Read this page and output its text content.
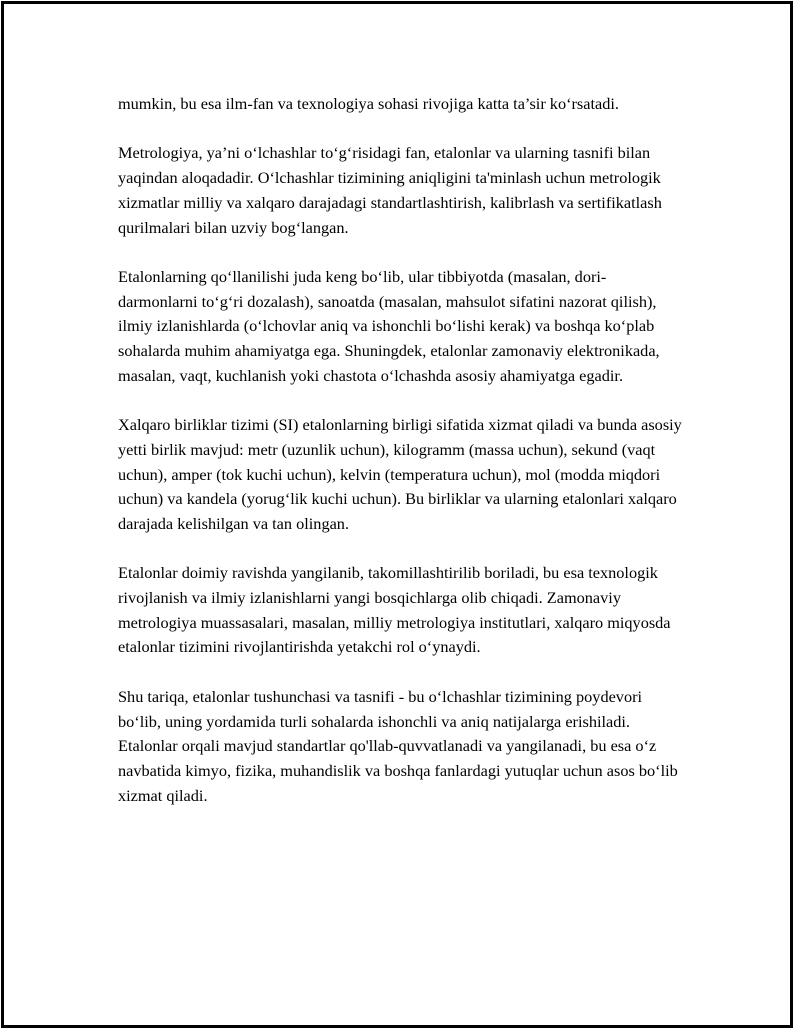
mumkin, bu esa ilm-fan va texnologiya sohasi rivojiga katta ta’sir ko‘rsatadi.

Metrologiya, ya’ni o‘lchashlar to‘g‘risidagi fan, etalonlar va ularning tasnifi bilan yaqindan aloqadadir. O‘lchashlar tizimining aniqligini ta'minlash uchun metrologik xizmatlar milliy va xalqaro darajadagi standartlashtirish, kalibrlash va sertifikatlash qurilmalari bilan uzviy bog‘langan.

Etalonlarning qo‘llanilishi juda keng bo‘lib, ular tibbiyotda (masalan, dori-darmonlarni to‘g‘ri dozalash), sanoatda (masalan, mahsulot sifatini nazorat qilish), ilmiy izlanishlarda (o‘lchovlar aniq va ishonchli bo‘lishi kerak) va boshqa ko‘plab sohalarda muhim ahamiyatga ega. Shuningdek, etalonlar zamonaviy elektronikada, masalan, vaqt, kuchlanish yoki chastota o‘lchashda asosiy ahamiyatga egadir.

Xalqaro birliklar tizimi (SI) etalonlarning birligi sifatida xizmat qiladi va bunda asosiy yetti birlik mavjud: metr (uzunlik uchun), kilogramm (massa uchun), sekund (vaqt uchun), amper (tok kuchi uchun), kelvin (temperatura uchun), mol (modda miqdori uchun) va kandela (yorug‘lik kuchi uchun). Bu birliklar va ularning etalonlari xalqaro darajada kelishilgan va tan olingan.

Etalonlar doimiy ravishda yangilanib, takomillashtirilib boriladi, bu esa texnologik rivojlanish va ilmiy izlanishlarni yangi bosqichlarga olib chiqadi. Zamonaviy metrologiya muassasalari, masalan, milliy metrologiya institutlari, xalqaro miqyosda etalonlar tizimini rivojlantirishda yetakchi rol o‘ynaydi.

Shu tariqa, etalonlar tushunchasi va tasnifi - bu o‘lchashlar tizimining poydevori bo‘lib, uning yordamida turli sohalarda ishonchli va aniq natijalarga erishiladi. Etalonlar orqali mavjud standartlar qo'llab-quvvatlanadi va yangilanadi, bu esa o‘z navbatida kimyo, fizika, muhandislik va boshqa fanlardagi yutuqlar uchun asos bo‘lib xizmat qiladi.
